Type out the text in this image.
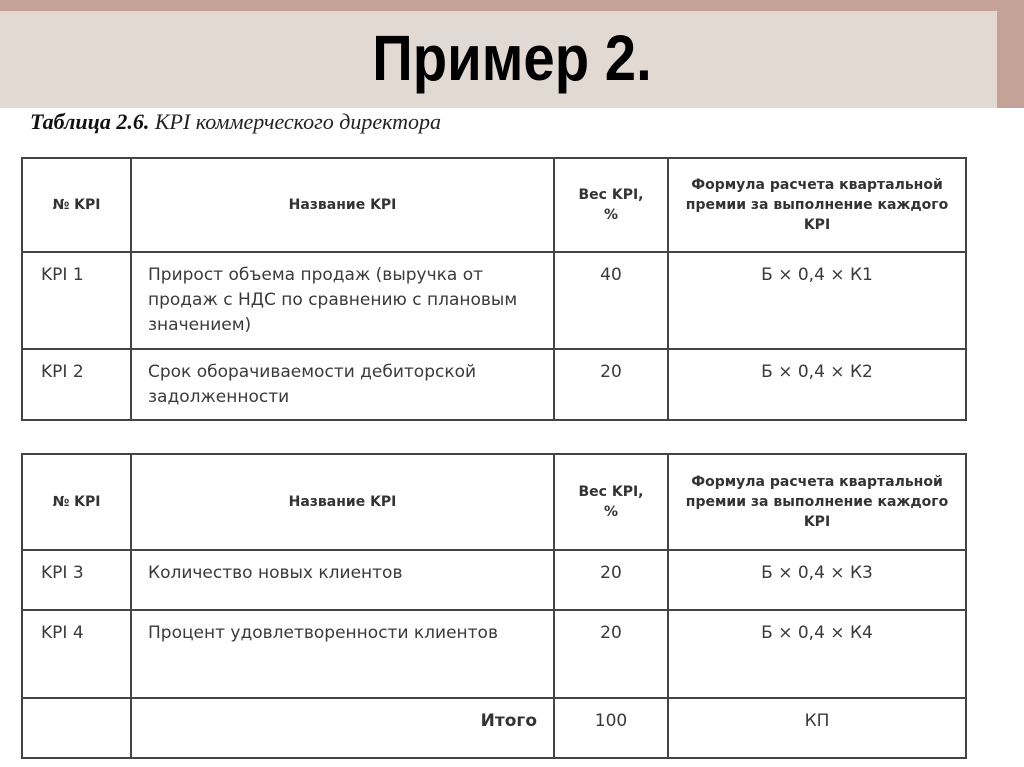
Пример 2.
Таблица 2.6. KPI коммерческого директора
№ KPI	Название KPI	Вес KPI, %	Формула расчета квартальной премии за выполнение каждого KPI

KPI 1	Прирост объема продаж (выручка от продаж с НДС по сравнению с плановым значением)	40	Б × 0,4 × К1
KPI 2	Срок оборачиваемости дебиторской задолженности	20	Б × 0,4 × К2
№ KPI	Название KPI	Вес KPI, %	Формула расчета квартальной премии за выполнение каждого KPI

KPI 3	Количество новых клиентов	20	Б × 0,4 × К3
KPI 4	Процент удовлетворенности клиентов	20	Б × 0,4 × К4
	Итого	100	КП
